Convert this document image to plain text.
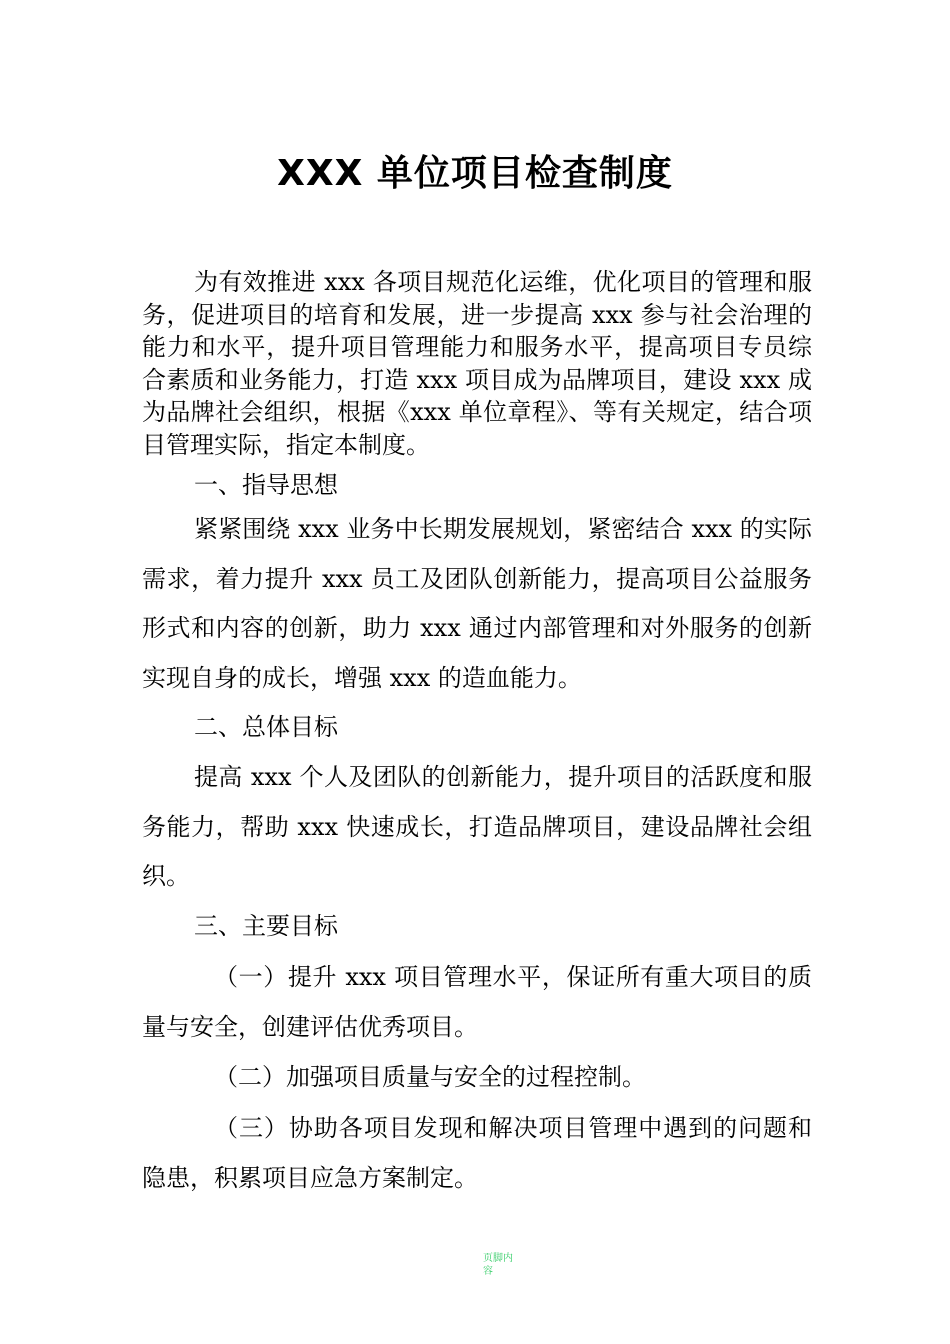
XXX 单位项目检查制度

为有效推进 xxx 各项目规范化运维，优化项目的管理和服务，促进项目的培育和发展，进一步提高 xxx 参与社会治理的能力和水平，提升项目管理能力和服务水平，提高项目专员综合素质和业务能力，打造 xxx 项目成为品牌项目，建设 xxx 成为品牌社会组织，根据《xxx 单位章程》、等有关规定，结合项目管理实际，指定本制度。

一、指导思想

紧紧围绕 xxx 业务中长期发展规划，紧密结合 xxx 的实际需求，着力提升 xxx 员工及团队创新能力，提高项目公益服务形式和内容的创新，助力 xxx 通过内部管理和对外服务的创新实现自身的成长，增强 xxx 的造血能力。

二、总体目标

提高 xxx 个人及团队的创新能力，提升项目的活跃度和服务能力，帮助 xxx 快速成长，打造品牌项目，建设品牌社会组织。

三、主要目标

（一）提升 xxx 项目管理水平，保证所有重大项目的质量与安全，创建评估优秀项目。

（二）加强项目质量与安全的过程控制。

（三）协助各项目发现和解决项目管理中遇到的问题和隐患，积累项目应急方案制定。

页脚内容
